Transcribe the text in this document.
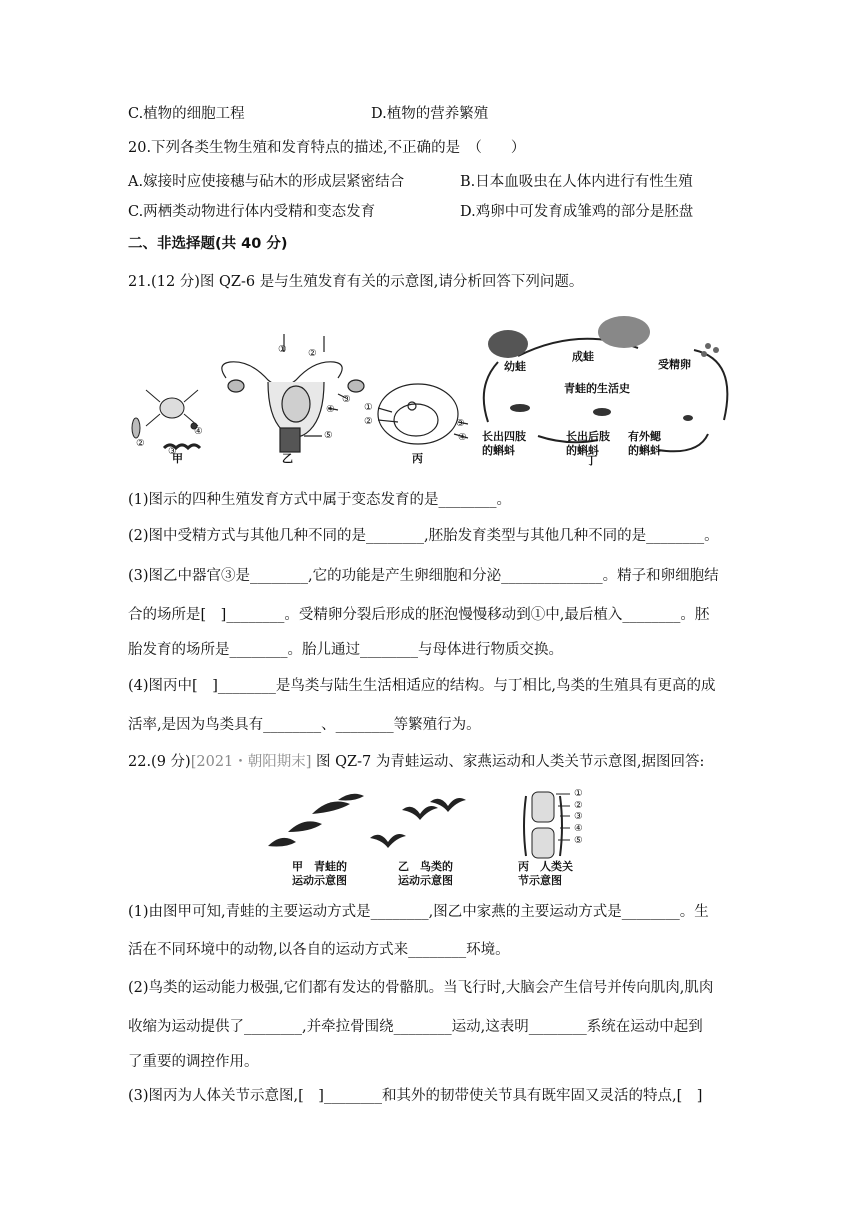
C.植物的细胞工程	D.植物的营养繁殖
20.下列各类生物生殖和发育特点的描述,不正确的是　（　　）
A.嫁接时应使接穗与砧木的形成层紧密结合	B.日本血吸虫在人体内进行有性生殖
C.两栖类动物进行体内受精和变态发育	D.鸡卵中可发育成雏鸡的部分是胚盘
二、非选择题(共 40 分)
21.(12 分)图 QZ-6 是与生殖发育有关的示意图,请分析回答下列问题。
②
③
④
甲
① ②
③
④
⑤
乙
①
②	③
④
丙
幼蛙
成蛙
受精卵
青蛙的生活史
有外鳃
的蝌蚪
长出后肢
的蝌蚪
长出四肢
的蝌蚪
丁
(1)图示的四种生殖发育方式中属于变态发育的是________。
(2)图中受精方式与其他几种不同的是________,胚胎发育类型与其他几种不同的是________。
(3)图乙中器官③是________,它的功能是产生卵细胞和分泌______________。精子和卵细胞结
合的场所是[　]________。受精卵分裂后形成的胚泡慢慢移动到①中,最后植入________。胚
胎发育的场所是________。胎儿通过________与母体进行物质交换。
(4)图丙中[　]________是鸟类与陆生生活相适应的结构。与丁相比,鸟类的生殖具有更高的成
活率,是因为鸟类具有________、________等繁殖行为。
22.(9 分)[2021・朝阳期末] 图 QZ-7 为青蛙运动、家燕运动和人类关节示意图,据图回答:
①
②
③
④
⑤
甲　青蛙的
运动示意图
乙　鸟类的
运动示意图
丙　人类关
节示意图
(1)由图甲可知,青蛙的主要运动方式是________,图乙中家燕的主要运动方式是________。生
活在不同环境中的动物,以各自的运动方式来________环境。
(2)鸟类的运动能力极强,它们都有发达的骨骼肌。当飞行时,大脑会产生信号并传向肌肉,肌肉
收缩为运动提供了________,并牵拉骨围绕________运动,这表明________系统在运动中起到
了重要的调控作用。
(3)图丙为人体关节示意图,[　]________和其外的韧带使关节具有既牢固又灵活的特点,[　]
